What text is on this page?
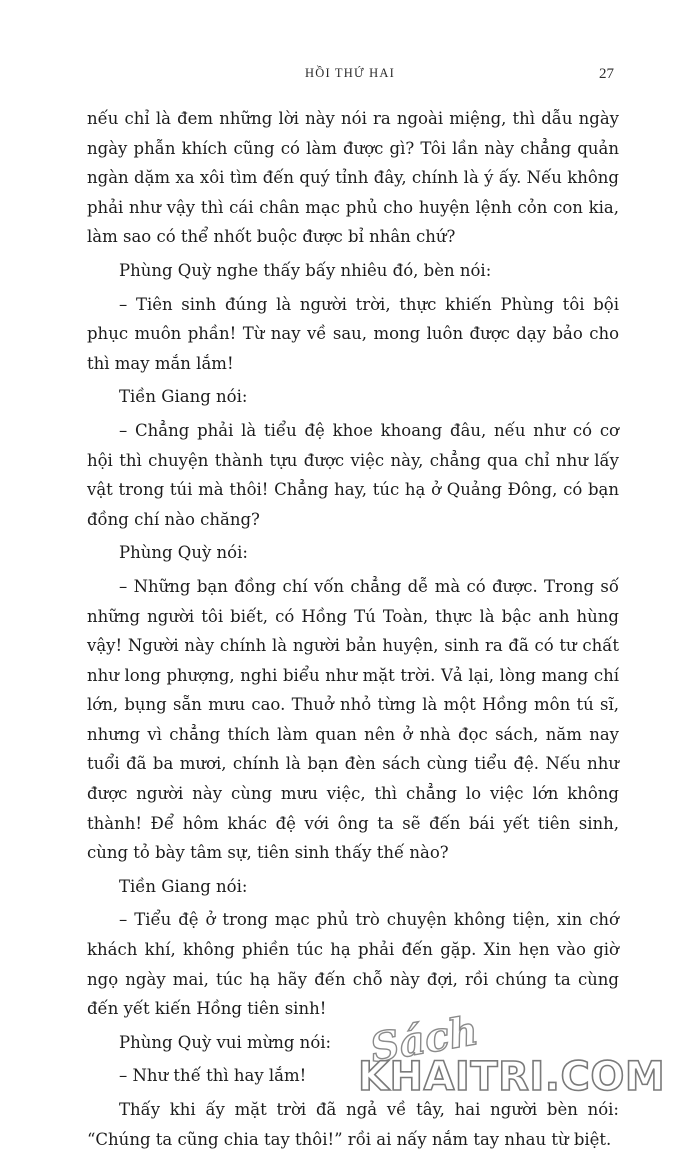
HỒI THỨ HAI	27

nếu chỉ là đem những lời này nói ra ngoài miệng, thì dẫu ngày ngày phẫn khích cũng có làm được gì? Tôi lần này chẳng quản ngàn dặm xa xôi tìm đến quý tỉnh đây, chính là ý ấy. Nếu không phải như vậy thì cái chân mạc phủ cho huyện lệnh cỏn con kia, làm sao có thể nhốt buộc được bỉ nhân chứ?

Phùng Quỳ nghe thấy bấy nhiêu đó, bèn nói:

– Tiên sinh đúng là người trời, thực khiến Phùng tôi bội phục muôn phần! Từ nay về sau, mong luôn được dạy bảo cho thì may mắn lắm!

Tiền Giang nói:

– Chẳng phải là tiểu đệ khoe khoang đâu, nếu như có cơ hội thì chuyện thành tựu được việc này, chẳng qua chỉ như lấy vật trong túi mà thôi! Chẳng hay, túc hạ ở Quảng Đông, có bạn đồng chí nào chăng?

Phùng Quỳ nói:

– Những bạn đồng chí vốn chẳng dễ mà có được. Trong số những người tôi biết, có Hồng Tú Toàn, thực là bậc anh hùng vậy! Người này chính là người bản huyện, sinh ra đã có tư chất như long phượng, nghi biểu như mặt trời. Vả lại, lòng mang chí lớn, bụng sẵn mưu cao. Thuở nhỏ từng là một Hồng môn tú sĩ, nhưng vì chẳng thích làm quan nên ở nhà đọc sách, năm nay tuổi đã ba mươi, chính là bạn đèn sách cùng tiểu đệ. Nếu như được người này cùng mưu việc, thì chẳng lo việc lớn không thành! Để hôm khác đệ với ông ta sẽ đến bái yết tiên sinh, cùng tỏ bày tâm sự, tiên sinh thấy thế nào?

Tiền Giang nói:

– Tiểu đệ ở trong mạc phủ trò chuyện không tiện, xin chớ khách khí, không phiền túc hạ phải đến gặp. Xin hẹn vào giờ ngọ ngày mai, túc hạ hãy đến chỗ này đợi, rồi chúng ta cùng đến yết kiến Hồng tiên sinh!

Phùng Quỳ vui mừng nói:

– Như thế thì hay lắm!

Thấy khi ấy mặt trời đã ngả về tây, hai người bèn nói: “Chúng ta cũng chia tay thôi!” rồi ai nấy nắm tay nhau từ biệt.

Sách
KHAITRI.COM
